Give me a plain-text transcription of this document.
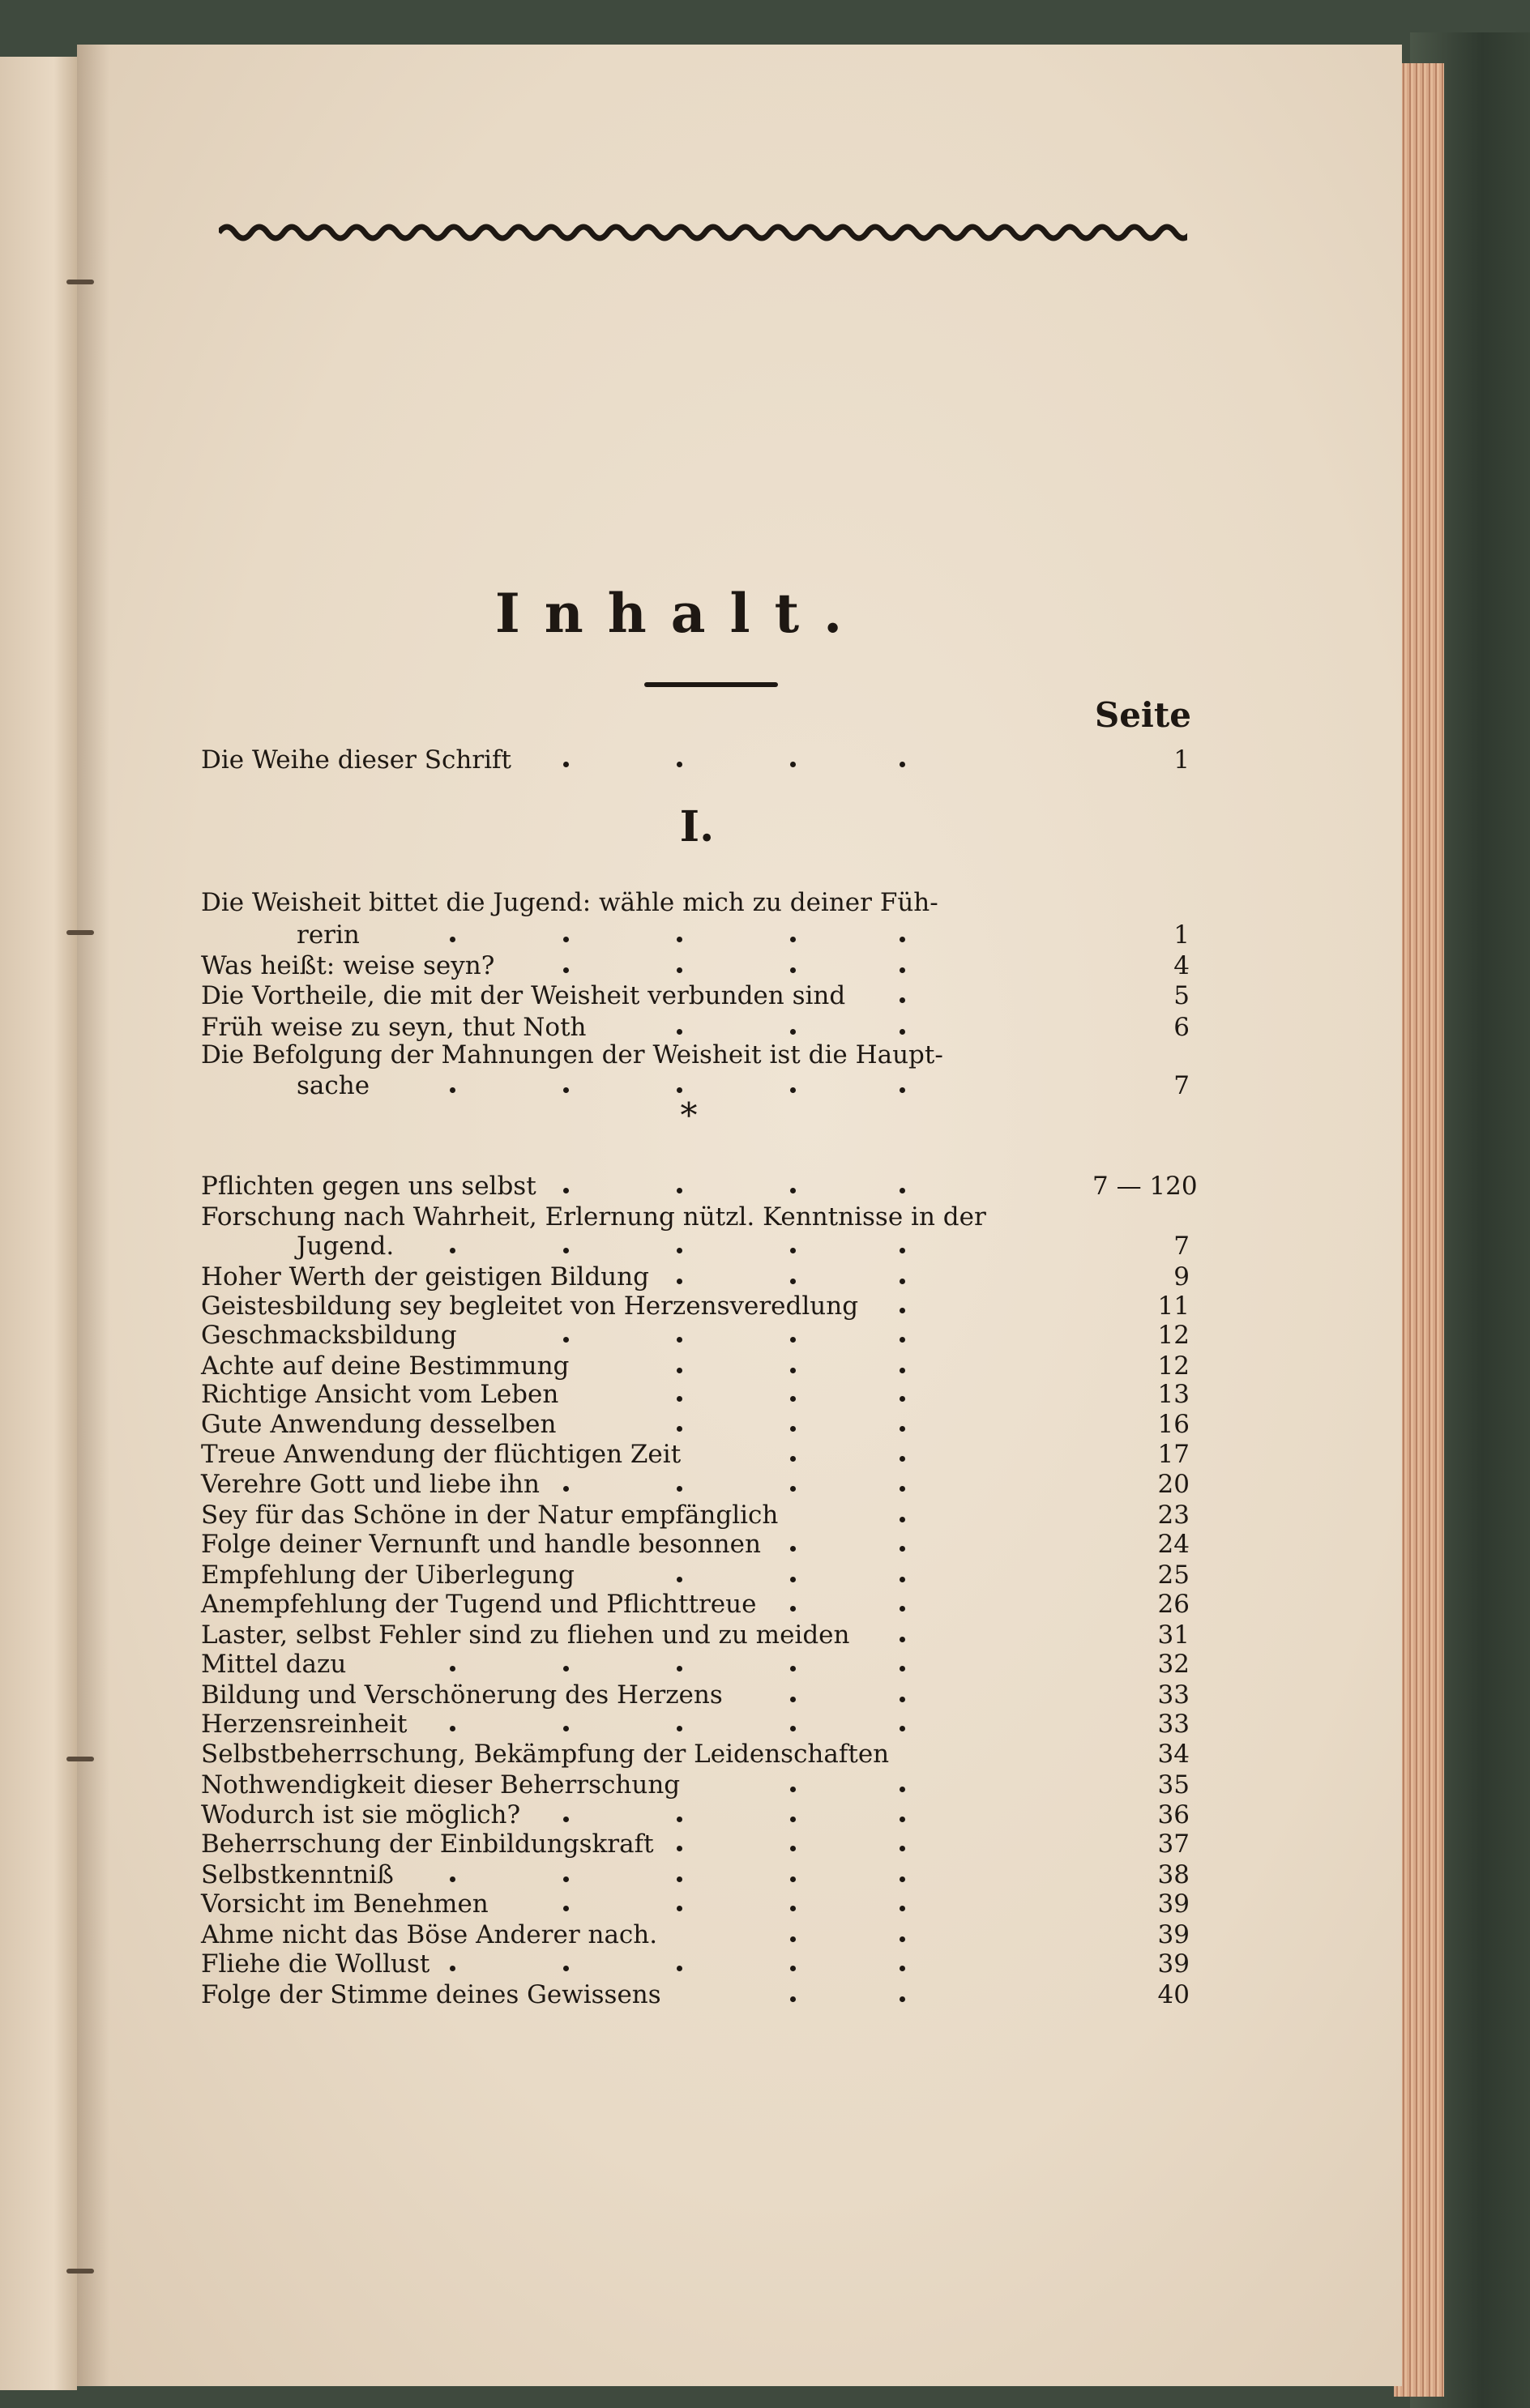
Inhalt.
Seite
I.
*
Die Weihe dieser Schrift	1
Die Weisheit bittet die Jugend: wähle mich zu deiner Füh-
rerin	1
Was heißt: weise seyn?	4
Die Vortheile, die mit der Weisheit verbunden sind	5
Früh weise zu seyn, thut Noth	6
Die Befolgung der Mahnungen der Weisheit ist die Haupt-
sache	7
Pflichten gegen uns selbst	7 — 120
Forschung nach Wahrheit, Erlernung nützl. Kenntnisse in der
Jugend.	7
Hoher Werth der geistigen Bildung	9
Geistesbildung sey begleitet von Herzensveredlung	11
Geschmacksbildung	12
Achte auf deine Bestimmung	12
Richtige Ansicht vom Leben	13
Gute Anwendung desselben	16
Treue Anwendung der flüchtigen Zeit	17
Verehre Gott und liebe ihn	20
Sey für das Schöne in der Natur empfänglich	23
Folge deiner Vernunft und handle besonnen	24
Empfehlung der Uiberlegung	25
Anempfehlung der Tugend und Pflichttreue	26
Laster, selbst Fehler sind zu fliehen und zu meiden	31
Mittel dazu	32
Bildung und Verschönerung des Herzens	33
Herzensreinheit	33
Selbstbeherrschung, Bekämpfung der Leidenschaften	34
Nothwendigkeit dieser Beherrschung	35
Wodurch ist sie möglich?	36
Beherrschung der Einbildungskraft	37
Selbstkenntniß	38
Vorsicht im Benehmen	39
Ahme nicht das Böse Anderer nach.	39
Fliehe die Wollust	39
Folge der Stimme deines Gewissens	40
